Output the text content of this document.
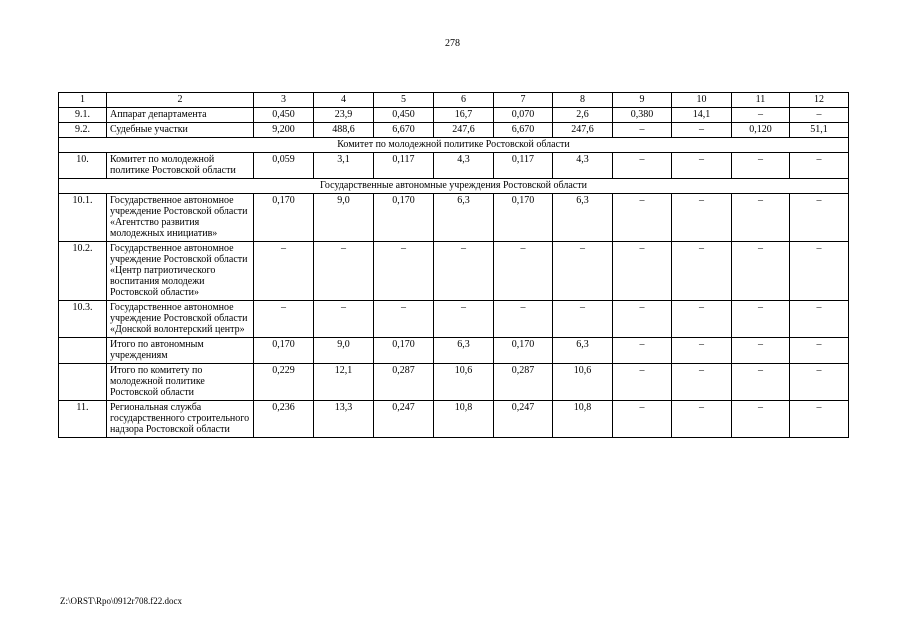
278
1	2	3	4	5	6	7	8	9	10	11	12
9.1.	Аппарат департамента	0,450	23,9	0,450	16,7	0,070	2,6	0,380	14,1	–	–
9.2.	Судебные участки	9,200	488,6	6,670	247,6	6,670	247,6	–	–	0,120	51,1
Комитет по молодежной политике Ростовской области											
10.	Комитет по молодежной политике Ростовской области	0,059	3,1	0,117	4,3	0,117	4,3	–	–	–	–
Государственные автономные учреждения Ростовской области											
10.1.	Государственное автономное учреждение Ростовской области «Агентство развития молодежных инициатив»	0,170	9,0	0,170	6,3	0,170	6,3	–	–	–	–
10.2.	Государственное автономное учреждение Ростовской области «Центр патриотического воспитания молодежи Ростовской области»	–	–	–	–	–	–	–	–	–	–
10.3.	Государственное автономное учреждение Ростовской области «Донской волонтерский центр»	–	–	–	–	–	–	–	–	–	–
	Итого по автономным учреждениям	0,170	9,0	0,170	6,3	0,170	6,3	–	–	–	–
	Итого по комитету по молодежной политике Ростовской области	0,229	12,1	0,287	10,6	0,287	10,6	–	–	–	–
11.	Региональная служба государственного строительного надзора Ростовской области	0,236	13,3	0,247	10,8	0,247	10,8	–	–	–	–
Z:\ORST\Rpo\0912r708.f22.docx
